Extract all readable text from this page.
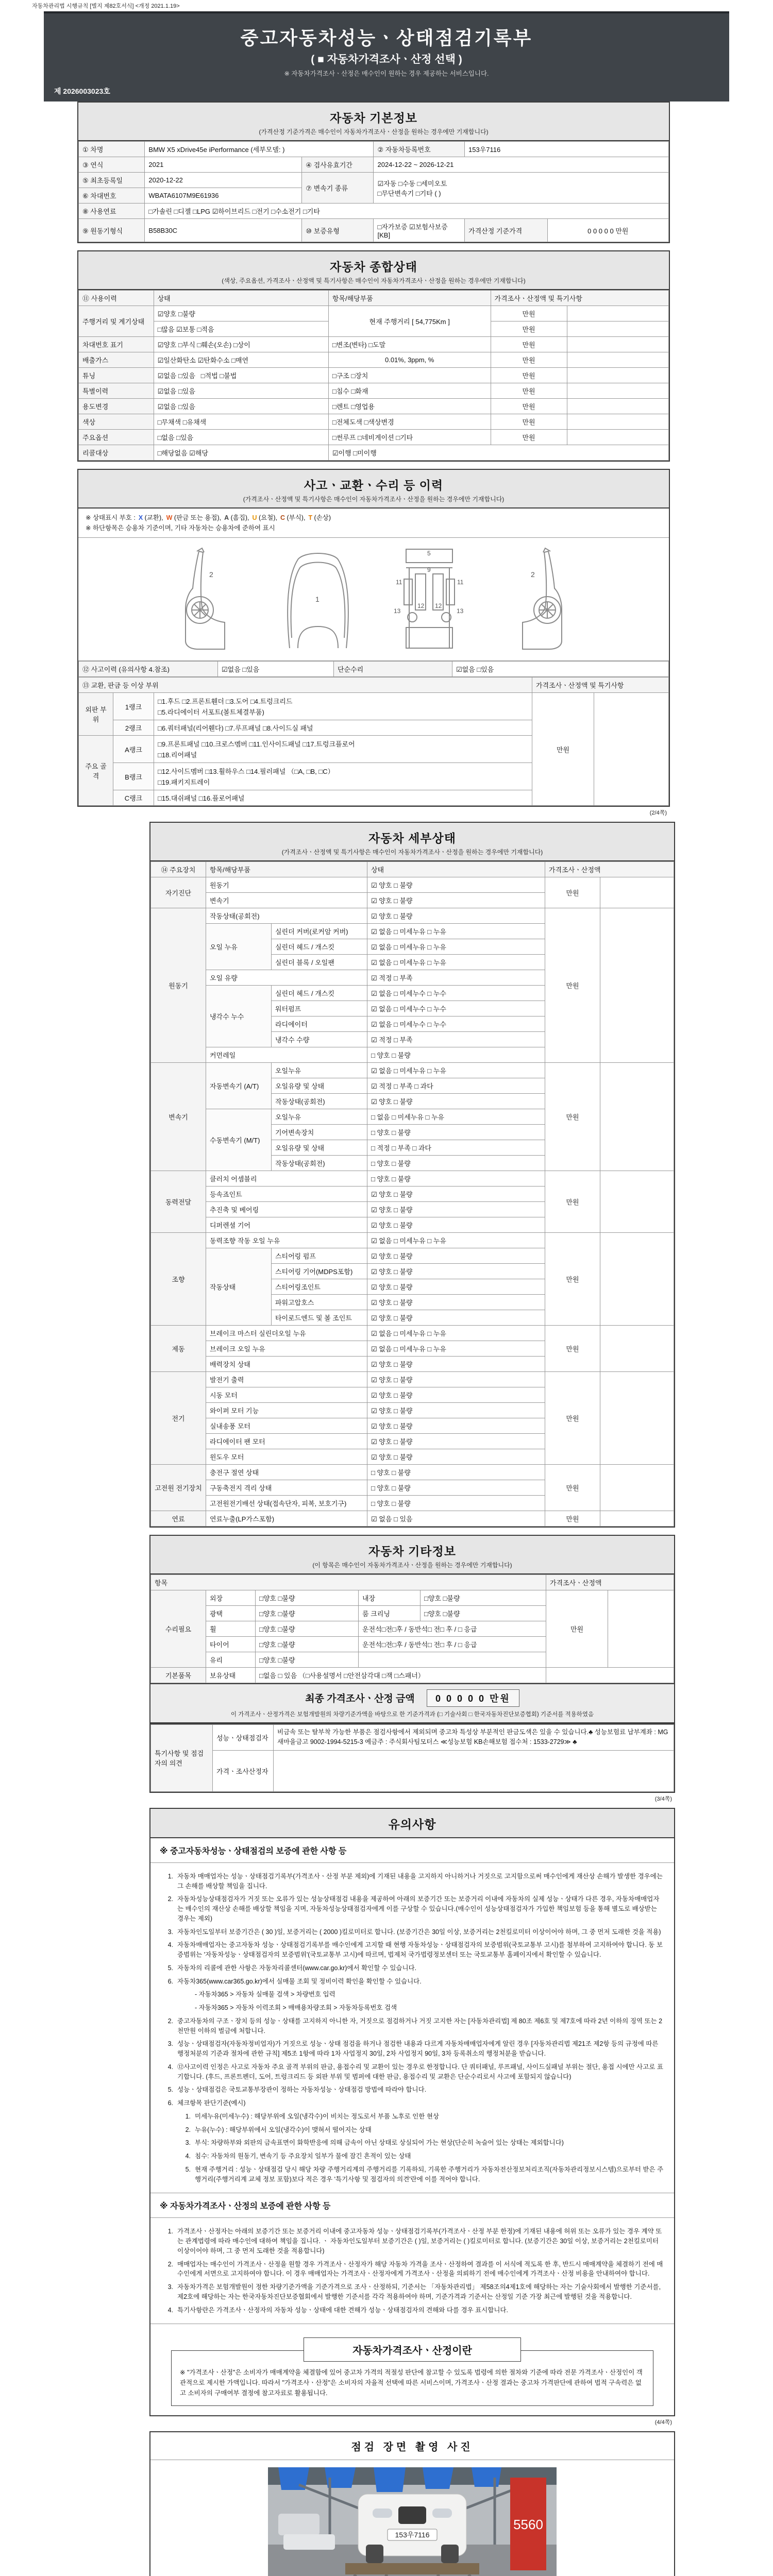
자동차관리법 시행규칙 [별지 제82호서식] <개정 2021.1.19>
중고자동차성능ㆍ상태점검기록부
( ■ 자동차가격조사ㆍ산정 선택 )
※ 자동차가격조사ㆍ산정은 매수인이 원하는 경우 제공하는 서비스입니다.
제 2026003023호
자동차 기본정보
(가격산정 기준가격은 매수인이 자동차가격조사ㆍ산정을 원하는 경우에만 기재합니다)
① 차명	BMW X5 xDrive45e iPerformance (세부모델: )		② 자동차등록번호	153우7116	
③ 연식	2021	④ 검사유효기간	2024-12-22 ~ 2026-12-21		
⑤ 최초등록일	2020-12-22	⑦ 변속기 종류	☑자동 □수동 □세미오토
□무단변속기 □기타 ( )		

⑥ 차대번호	WBATA6107M9E61936				
⑧ 사용연료	□가솔린 □디젤 □LPG ☑하이브리드 □전기 □수소전기 □기타				
⑨ 원동기형식	B58B30C	⑩ 보증유형	□자가보증 ☑보험사보증 [KB]	가격산정 기준가격	0 0 0 0 0 만원
자동차 종합상태
(색상, 주요옵션, 가격조사ㆍ산정액 및 특기사항은 매수인이 자동차가격조사ㆍ산정을 원하는 경우에만 기재합니다)
⑪ 사용이력	상태	항목/해당부품	가격조사ㆍ산정액 및 특기사항	
주행거리 및 계기상태	☑양호 □불량	현재 주행거리 [ 54,775Km ]	만원	
	□많음 ☑보통 □적음		만원	
차대번호 표기	☑양호 □부식 □훼손(오손) □상이	□변조(변타) □도말	만원	
배출가스	☑일산화탄소 ☑탄화수소 □매연	0.01%, 3ppm, %	만원	
튜닝	☑없음 □있음 □적법 □불법	□구조 □장치	만원	
특별이력	☑없음 □있음	□침수 □화재	만원	
용도변경	☑없음 □있음	□렌트 □영업용	만원	
색상	□무채색 □유채색	□전체도색 □색상변경	만원	
주요옵션	□없음 □있음	□썬루프 □네비게이션 □기타	만원	
리콜대상	□해당없음 ☑해당	☑이행 □미이행		
사고ㆍ교환ㆍ수리 등 이력
(가격조사ㆍ산정액 및 특기사항은 매수인이 자동차가격조사ㆍ산정을 원하는 경우에만 기재합니다)
※ 상태표시 부호 : X (교환), W (판금 또는 용접), A (흠집), U (요철), C (부식), T (손상)
※ 하단항목은 승용차 기준이며, 기타 자동차는 승용차에 준하여 표시
2
1
5
9
11	11
12 12
13	13
2
⑫ 사고이력 (유의사항 4.참조)	☑없음 □있음	단순수리	☑없음 □있음
⑬ 교환, 판금 등 이상 부위			가격조사ㆍ산정액 및 특기사항	
외판 부위	1랭크	□1.후드 □2.프론트휀더 □3.도어 □4.트렁크리드
□5.라디에이터 서포트(볼트체결부품)	만원	
	2랭크	□6.쿼터패널(리어휀다) □7.루프패널 □8.사이드실 패널		
주요 골격	A랭크	□9.프론트패널 □10.크로스멤버 □11.인사이드패널 □17.트렁크플로어
□18.리어패널		

	B랭크	□12.사이드멤버 □13.휠하우스 □14.필러패널 （□A, □B, □C）
□19.패키지트레이		

	C랭크	□15.대쉬패널 □16.플로어패널		
(2/4쪽)
자동차 세부상태
(가격조사ㆍ산정액 및 특기사항은 매수인이 자동차가격조사ㆍ산정을 원하는 경우에만 기재합니다)
⑭ 주요장치	항목/해당부품		상태	가격조사ㆍ산정액	
자기진단	원동기		☑ 양호 □ 불량	만원	
	변속기		☑ 양호 □ 불량		
원동기	작동상태(공회전)		☑ 양호 □ 불량	만원	
	오일 누유	실린더 커버(로커암 커버)	☑ 없음 □ 미세누유 □ 누유		
		실린더 헤드 / 개스킷	☑ 없음 □ 미세누유 □ 누유		
		실린더 블록 / 오일팬	☑ 없음 □ 미세누유 □ 누유		
	오일 유량		☑ 적정 □ 부족		
	냉각수 누수	실린더 헤드 / 개스킷	☑ 없음 □ 미세누수 □ 누수		
		워터펌프	☑ 없음 □ 미세누수 □ 누수		
		라디에이터	☑ 없음 □ 미세누수 □ 누수		
		냉각수 수량	☑ 적정 □ 부족		
	커먼레일		□ 양호 □ 불량		
변속기	자동변속기 (A/T)	오일누유	☑ 없음 □ 미세누유 □ 누유	만원	
		오일유량 및 상태	☑ 적정 □ 부족 □ 과다		
		작동상태(공회전)	☑ 양호 □ 불량		
	수동변속기 (M/T)	오일누유	□ 없음 □ 미세누유 □ 누유		
		기어변속장치	□ 양호 □ 불량		
		오일유량 및 상태	□ 적정 □ 부족 □ 과다		
		작동상태(공회전)	□ 양호 □ 불량		
동력전달	클러치 어셈블리		□ 양호 □ 불량	만원	
	등속죠인트		☑ 양호 □ 불량		
	추진축 및 베어링		☑ 양호 □ 불량		
	디퍼렌셜 기어		☑ 양호 □ 불량		
조향	동력조향 작동 오일 누유		☑ 없음 □ 미세누유 □ 누유	만원	
	작동상태	스티어링 펌프	☑ 양호 □ 불량		
		스티어링 기어(MDPS포함)	☑ 양호 □ 불량		
		스티어링조인트	☑ 양호 □ 불량		
		파워고압호스	☑ 양호 □ 불량		
		타이로드엔드 및 볼 조인트	☑ 양호 □ 불량		
제동	브레이크 마스터 실린더오일 누유		☑ 없음 □ 미세누유 □ 누유	만원	
	브레이크 오일 누유		☑ 없음 □ 미세누유 □ 누유		
	배력장치 상태		☑ 양호 □ 불량		
전기	발전기 출력		☑ 양호 □ 불량	만원	
	시동 모터		☑ 양호 □ 불량		
	와이퍼 모터 기능		☑ 양호 □ 불량		
	실내송풍 모터		☑ 양호 □ 불량		
	라디에이터 팬 모터		☑ 양호 □ 불량		
	윈도우 모터		☑ 양호 □ 불량		
고전원 전기장치	충전구 절연 상태		□ 양호 □ 불량	만원	
	구동축전지 격리 상태		□ 양호 □ 불량		
	고전원전기배선 상태(접속단자, 피복, 보호기구)		□ 양호 □ 불량		
연료	연료누출(LP가스포함)		☑ 없음 □ 있음	만원	
자동차 기타정보
(이 항목은 매수인이 자동차가격조사ㆍ산정을 원하는 경우에만 기재합니다)
항목					가격조사ㆍ산정액	
수리필요	외장	□양호 □불량	내장	□양호 □불량	만원	
	광택	□양호 □불량	룸 크리닝	□양호 □불량		
	휠	□양호 □불량	운전석□전□후 / 동반석□ 전□ 후 / □ 응급			
	타이어	□양호 □불량	운전석□전□후 / 동반석□ 전□ 후 / □ 응급			
	유리	□양호 □불량				
기본품목	보유상태	□없음 □ 있음 （□사용설명서 □안전삼각대 □잭 □스패너）				
최종 가격조사ㆍ산정 금액 0 0 0 0 0 만원
이 가격조사ㆍ산정가격은 보험개발원의 차량기준가액을 바탕으로 한 기준가격과 (□ 기술사회 □ 한국자동차진단보증협회) 기준서를 적용하였음
특기사항 및 점검자의 의견	성능ㆍ상태점검자	비금속 또는 탈부착 가능한 부품은 점검사항에서 제외되며 중고차 특성상 부분적인 판금도색은 있을 수 있습니다.♣ 성능보험료 납부계좌 : MG새마을금고 9002-1994-5215-3 예금주 : 주식회사팀모터스 ≪성능보험 KB손해보험 접수처 : 1533-2729≫ ♣
	가격ㆍ조사산정자	
(3/4쪽)
유의사항
※ 중고자동차성능ㆍ상태점검의 보증에 관한 사항 등
1. 자동차 매매업자는 성능ㆍ상태점검기록부(가격조사ㆍ산정 부분 제외)에 기재된 내용을 고지하지 아니하거나 거짓으로 고지함으로써 매수인에게 재산상 손해가 발생한 경우에는 그 손해를 배상할 책임을 집니다.
2. 자동차성능상태점검자가 거짓 또는 오류가 있는 성능상태점검 내용을 제공하여 아래의 보증기간 또는 보증거리 이내에 자동차의 실제 성능ㆍ상태가 다른 경우, 자동차매매업자는 매수인의 재산상 손해를 배상할 책임을 지며, 자동차성능상태점검자에게 이를 구상할 수 있습니다.(매수인이 성능상태점검자가 가입한 책임보험 등을 통해 별도로 배상받는 경우는 제외)
3. 자동차인도일부터 보증기간은 ( 30 )일, 보증거리는 ( 2000 )킬로미터로 합니다. (보증기간은 30일 이상, 보증거리는 2천킬로미터 이상이어야 하며, 그 중 먼저 도래한 것을 적용)
4. 자동차매매업자는 중고자동차 성능ㆍ상태점검기록부를 매수인에게 고지할 때 현행 자동차성능ㆍ상태점검자의 보증범위(국토교통부 고시)를 첨부하여 고지하여야 합니다. 동 보증범위는 '자동차성능ㆍ상태점검자의 보증범위'(국토교통부 고시)에 따르며, 법제처 국가법령정보센터 또는 국토교통부 홈페이지에서 확인할 수 있습니다.
5. 자동차의 리콜에 관한 사항은 자동차리콜센터(www.car.go.kr)에서 확인할 수 있습니다.
6. 자동차365(www.car365.go.kr)에서 실매물 조회 및 정비이력 확인을 확인할 수 있습니다.
- 자동차365 > 자동차 실매물 검색 > 차량번호 입력
- 자동차365 > 자동차 이력조회 > 매매용차량조회 > 자동차등록번호 검색
2. 중고자동차의 구조ㆍ장치 등의 성능ㆍ상태를 고지하지 아니한 자, 거짓으로 점검하거나 거짓 고지한 자는 [자동차관리법] 제 80조 제6호 및 제7호에 따라 2년 이하의 징역 또는 2천만원 이하의 벌금에 처합니다.
3. 성능ㆍ상태점검자(자동차정비업자)가 거짓으로 성능ㆍ상태 점검을 하거나 점검한 내용과 다르게 자동차매매업자에게 알린 경우 [자동차관리법 제21조 제2항 등의 규정에 따른 행정처분의 기준과 절차에 관한 규칙] 제5조 1항에 따라 1차 사업정지 30일, 2차 사업정지 90일, 3차 등록취소의 행정처분을 받습니다.
4. ⑫사고이력 인정은 사고로 자동차 주요 골격 부위의 판금, 용접수리 및 교환이 있는 경우로 한정합니다. 단 쿼터패널, 루프패널, 사이드실패널 부위는 절단, 용접 시에만 사고로 표기합니다. (후드, 프론트펜더, 도어, 트렁크리드 등 외판 부위 및 범퍼에 대한 판금, 용접수리 및 교환은 단순수리로서 사고에 포함되지 않습니다)
5. 성능ㆍ상태점검은 국토교통부장관이 정하는 자동차성능ㆍ상태점검 방법에 따라야 합니다.
6. 체크항목 판단기준(예시)
1. 미세누유(미세누수) : 해당부위에 오일(냉각수)이 비치는 정도로서 부품 노후로 인한 현상
2. 누유(누수) : 해당부위에서 오일(냉각수)이 맺혀서 떨어지는 상태
3. 부식: 차량하부와 외판의 금속표면이 화학반응에 의해 금속이 아닌 상태로 상실되어 가는 현상(단순히 녹슬어 있는 상태는 제외합니다)
4. 침수: 자동차의 원동기, 변속기 등 주요장치 일부가 물에 잠긴 흔적이 있는 상태
5. 현재 주행거리 : 성능ㆍ상태점검 당시 해당 차량 주행거리계의 주행거리를 기록하되, 기록한 주행거리가 자동차전산정보처리조직(자동차관리정보시스템)으로부터 받은 주행거리(주행거리계 교체 정보 포함)보다 적은 경우 '특기사항 및 점검자의 의견'란에 이를 적어야 합니다.
※ 자동차가격조사ㆍ산정의 보증에 관한 사항 등
1. 가격조사ㆍ산정자는 아래의 보증기간 또는 보증거리 이내에 중고자동차 성능ㆍ상태점검기록부(가격조사ㆍ산정 부분 한정)에 기재된 내용에 허위 또는 오류가 있는 경우 계약 또는 관계법령에 따라 매수인에 대하여 책임을 집니다. ㆍ 자동차인도일부터 보증기간은 ( )일, 보증거리는 ( )킬로미터로 합니다. (보증기간은 30일 이상, 보증거리는 2천킬로미터 이상이어야 하며, 그 중 먼저 도래한 것을 적용합니다)
2. 매매업자는 매수인이 가격조사ㆍ산정을 원할 경우 가격조사ㆍ산정자가 해당 자동차 가격을 조사ㆍ산정하여 결과를 이 서식에 적도록 한 후, 반드시 매매계약을 체결하기 전에 매수인에게 서면으로 고지하여야 합니다. 이 경우 매매업자는 가격조사ㆍ산정자에게 가격조사ㆍ산정을 의뢰하기 전에 매수인에게 가격조사ㆍ산정 비용을 안내하여야 합니다.
3. 자동차가격은 보험개발원이 정한 차량기준가액을 기준가격으로 조사ㆍ산정하되, 기준서는 「자동차관리법」 제58조의4제1호에 해당하는 자는 기술사회에서 발행한 기준서를, 제2호에 해당하는 자는 한국자동차진단보증협회에서 발행한 기준서를 각각 적용하여야 하며, 기준가격과 기준서는 산정일 기준 가장 최근에 발행된 것을 적용합니다.
4. 특기사항란은 가격조사ㆍ산정자의 자동차 성능ㆍ상태에 대한 견해가 성능ㆍ상태점검자의 견해와 다를 경우 표시합니다.
자동차가격조사ㆍ산정이란
※ "가격조사ㆍ산정"은 소비자가 매매계약을 체결함에 있어 중고차 가격의 적절성 판단에 참고할 수 있도록 법령에 의한 절차와 기준에 따라 전문 가격조사ㆍ산정인이 객관적으로 제시한 가액입니다. 따라서 "가격조사ㆍ산정"은 소비자의 자율적 선택에 따른 서비스이며, 가격조사ㆍ산정 결과는 중고차 가격판단에 관하여 법적 구속력은 없고 소비자의 구매여부 결정에 참고자료로 활용됩니다.
(4/4쪽)
점검 장면 촬영 사진
5560
153우7116
